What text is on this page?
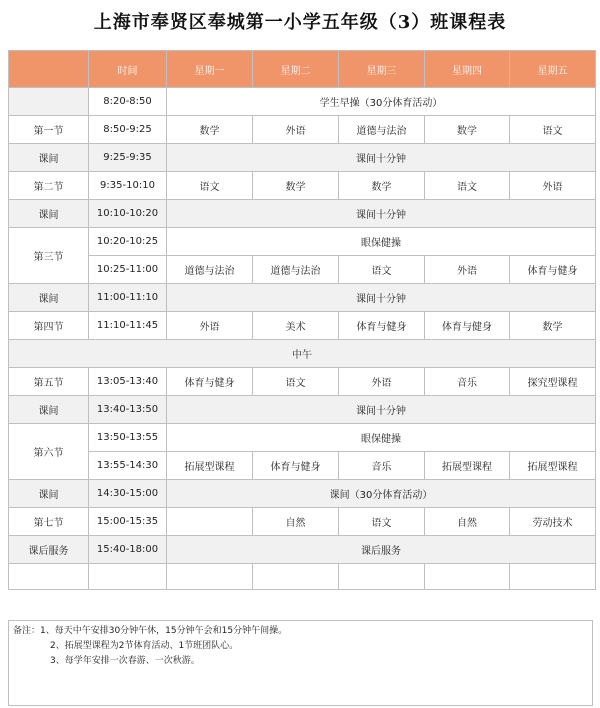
上海市奉贤区奉城第一小学五年级（3）班课程表
	时间	星期一	星期二	星期三	星期四	星期五
	8:20-8:50	学生早操（30分体育活动）				
第一节	8:50-9:25	数学	外语	道德与法治	数学	语文
课间	9:25-9:35	课间十分钟				
第二节	9:35-10:10	语文	数学	数学	语文	外语
课间	10:10-10:20	课间十分钟				
第三节	10:20-10:25	眼保健操				
	10:25-11:00	道德与法治	道德与法治	语文	外语	体育与健身
课间	11:00-11:10	课间十分钟				
第四节	11:10-11:45	外语	美术	体育与健身	体育与健身	数学
中午						
第五节	13:05-13:40	体育与健身	语文	外语	音乐	探究型课程
课间	13:40-13:50	课间十分钟				
第六节	13:50-13:55	眼保健操				
	13:55-14:30	拓展型课程	体育与健身	音乐	拓展型课程	拓展型课程
课间	14:30-15:00	课间（30分体育活动）				
第七节	15:00-15:35		自然	语文	自然	劳动技术
课后服务	15:40-18:00	课后服务				

备注：1、每天中午安排30分钟午休，15分钟午会和15分钟午间操。
2、拓展型课程为2节体育活动、1节班团队心。
3、每学年安排一次春游、一次秋游。
